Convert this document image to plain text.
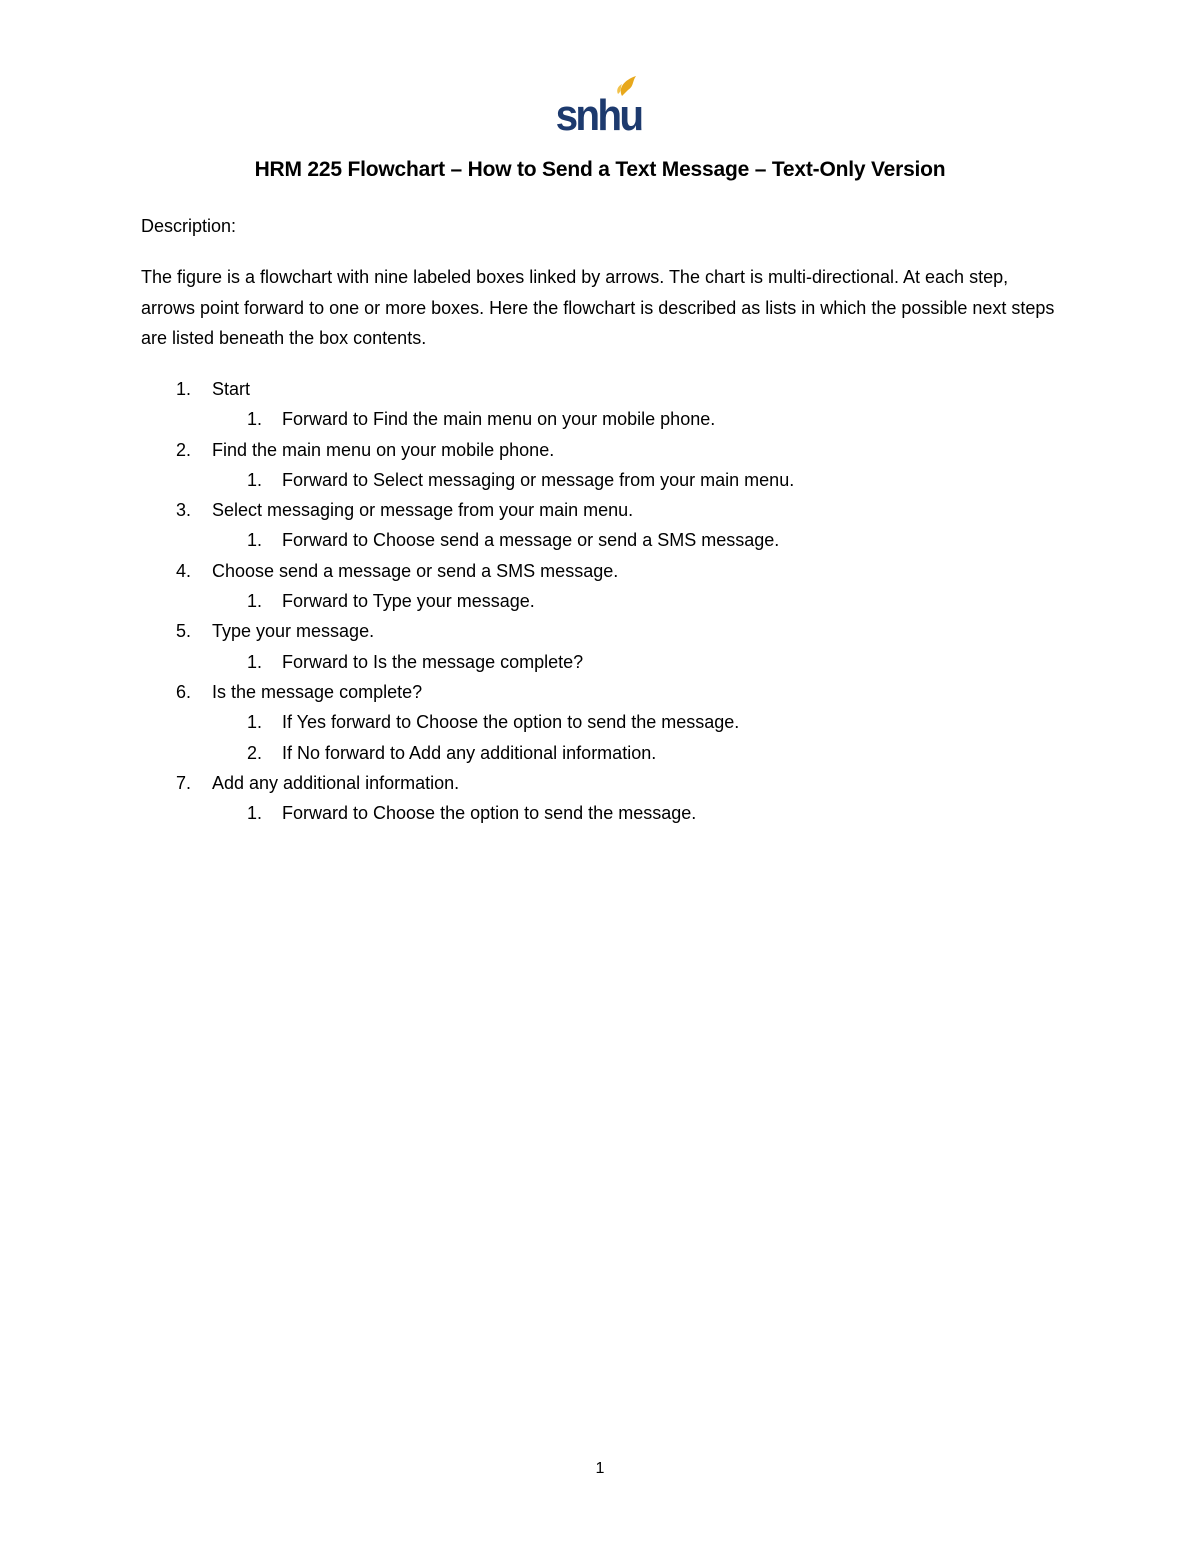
snhu
HRM 225 Flowchart – How to Send a Text Message – Text-Only Version
Description:

The figure is a flowchart with nine labeled boxes linked by arrows. The chart is multi-directional. At each step, arrows point forward to one or more boxes. Here the flowchart is described as lists in which the possible next steps are listed beneath the box contents.

1. Start
1. Forward to Find the main menu on your mobile phone.
2. Find the main menu on your mobile phone.
1. Forward to Select messaging or message from your main menu.
3. Select messaging or message from your main menu.
1. Forward to Choose send a message or send a SMS message.
4. Choose send a message or send a SMS message.
1. Forward to Type your message.
5. Type your message.
1. Forward to Is the message complete?
6. Is the message complete?
1. If Yes forward to Choose the option to send the message.
2. If No forward to Add any additional information.
7. Add any additional information.
1. Forward to Choose the option to send the message.
1
